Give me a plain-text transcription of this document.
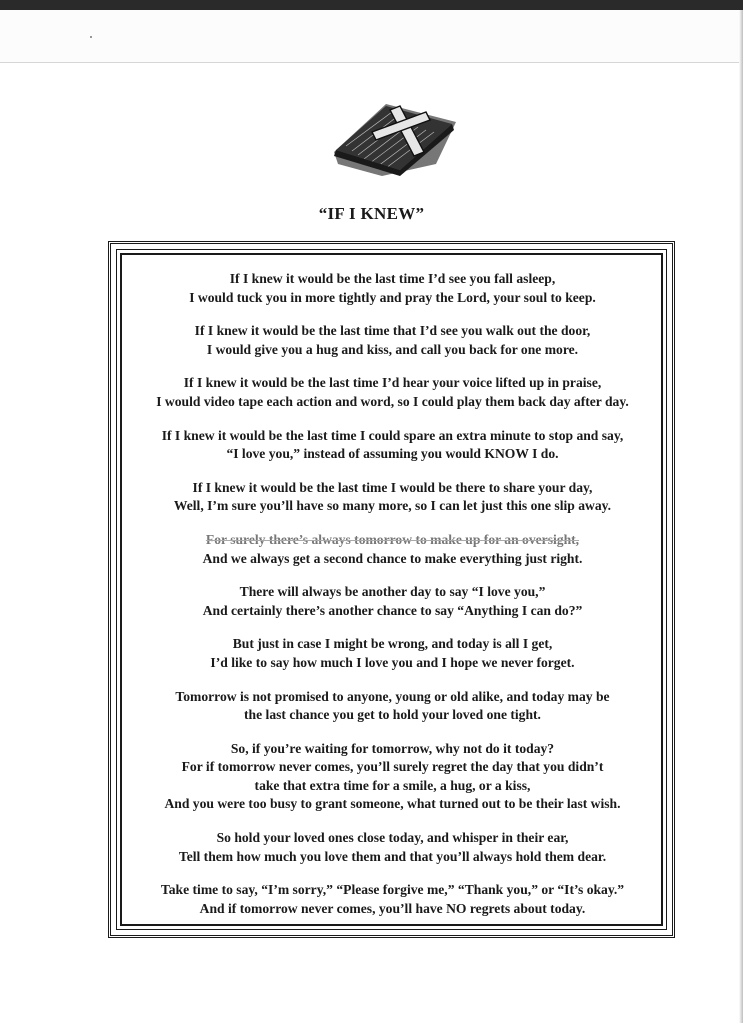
“IF I KNEW”
If I knew it would be the last time I’d see you fall asleep,
I would tuck you in more tightly and pray the Lord, your soul to keep.
If I knew it would be the last time that I’d see you walk out the door,
I would give you a hug and kiss, and call you back for one more.
If I knew it would be the last time I’d hear your voice lifted up in praise,
I would video tape each action and word, so I could play them back day after day.
If I knew it would be the last time I could spare an extra minute to stop and say,
“I love you,” instead of assuming you would KNOW I do.
If I knew it would be the last time I would be there to share your day,
Well, I’m sure you’ll have so many more, so I can let just this one slip away.
For surely there’s always tomorrow to make up for an oversight,
And we always get a second chance to make everything just right.
There will always be another day to say “I love you,”
And certainly there’s another chance to say “Anything I can do?”
But just in case I might be wrong, and today is all I get,
I’d like to say how much I love you and I hope we never forget.
Tomorrow is not promised to anyone, young or old alike, and today may be
the last chance you get to hold your loved one tight.
So, if you’re waiting for tomorrow, why not do it today?
For if tomorrow never comes, you’ll surely regret the day that you didn’t
take that extra time for a smile, a hug, or a kiss,
And you were too busy to grant someone, what turned out to be their last wish.
So hold your loved ones close today, and whisper in their ear,
Tell them how much you love them and that you’ll always hold them dear.
Take time to say, “I’m sorry,” “Please forgive me,” “Thank you,” or “It’s okay.”
And if tomorrow never comes, you’ll have NO regrets about today.
